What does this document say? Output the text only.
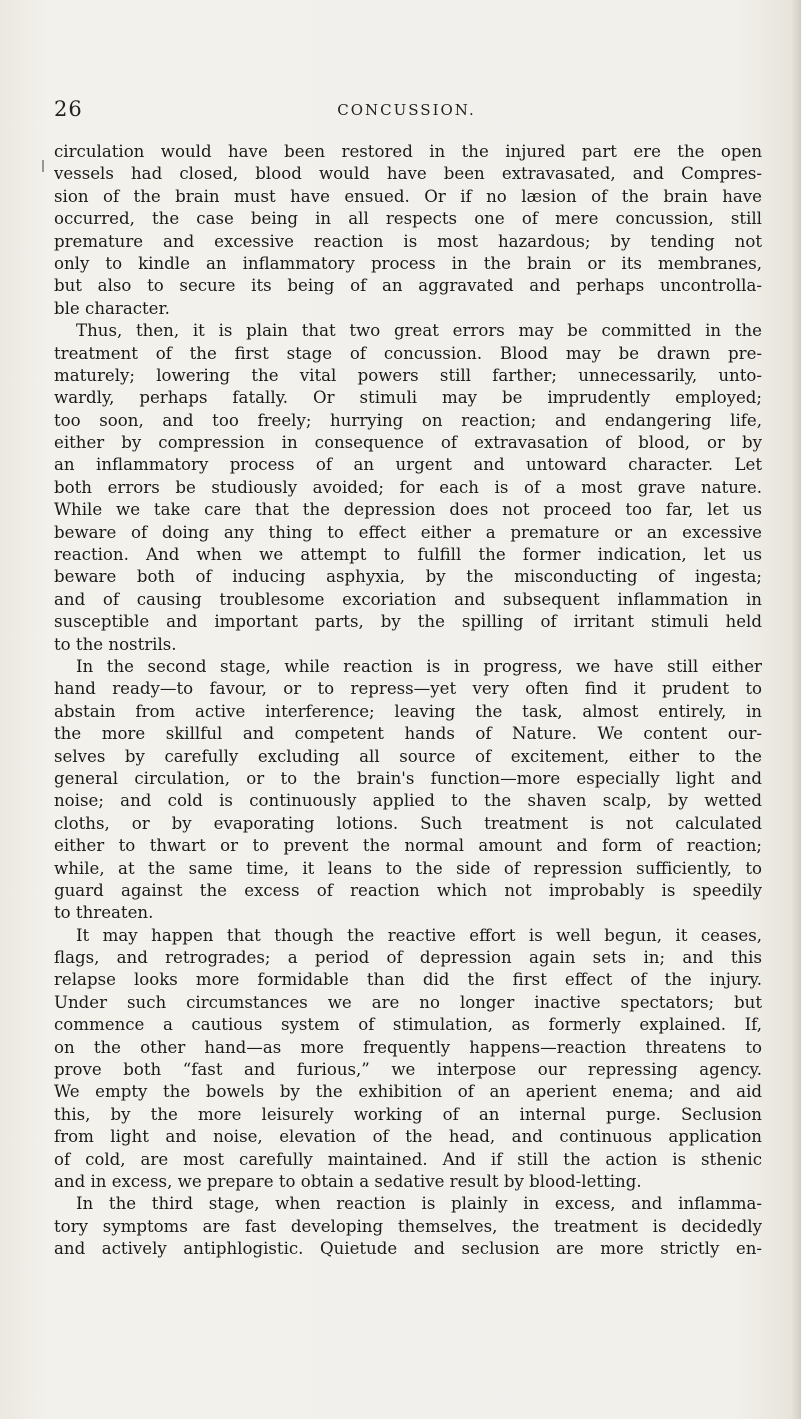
26	CONCUSSION.
circulation would have been restored in the injured part ere the open
vessels had closed, blood would have been extravasated, and Compres-
sion of the brain must have ensued. Or if no læsion of the brain have
occurred, the case being in all respects one of mere concussion, still
premature and excessive reaction is most hazardous; by tending not
only to kindle an inflammatory process in the brain or its membranes,
but also to secure its being of an aggravated and perhaps uncontrolla-
ble character.
Thus, then, it is plain that two great errors may be committed in the
treatment of the first stage of concussion. Blood may be drawn pre-
maturely; lowering the vital powers still farther; unnecessarily, unto-
wardly, perhaps fatally. Or stimuli may be imprudently employed;
too soon, and too freely; hurrying on reaction; and endangering life,
either by compression in consequence of extravasation of blood, or by
an inflammatory process of an urgent and untoward character. Let
both errors be studiously avoided; for each is of a most grave nature.
While we take care that the depression does not proceed too far, let us
beware of doing any thing to effect either a premature or an excessive
reaction. And when we attempt to fulfill the former indication, let us
beware both of inducing asphyxia, by the misconducting of ingesta;
and of causing troublesome excoriation and subsequent inflammation in
susceptible and important parts, by the spilling of irritant stimuli held
to the nostrils.
In the second stage, while reaction is in progress, we have still either
hand ready—to favour, or to repress—yet very often find it prudent to
abstain from active interference; leaving the task, almost entirely, in
the more skillful and competent hands of Nature. We content our-
selves by carefully excluding all source of excitement, either to the
general circulation, or to the brain's function—more especially light and
noise; and cold is continuously applied to the shaven scalp, by wetted
cloths, or by evaporating lotions. Such treatment is not calculated
either to thwart or to prevent the normal amount and form of reaction;
while, at the same time, it leans to the side of repression sufficiently, to
guard against the excess of reaction which not improbably is speedily
to threaten.
It may happen that though the reactive effort is well begun, it ceases,
flags, and retrogrades; a period of depression again sets in; and this
relapse looks more formidable than did the first effect of the injury.
Under such circumstances we are no longer inactive spectators; but
commence a cautious system of stimulation, as formerly explained. If,
on the other hand—as more frequently happens—reaction threatens to
prove both “fast and furious,” we interpose our repressing agency.
We empty the bowels by the exhibition of an aperient enema; and aid
this, by the more leisurely working of an internal purge. Seclusion
from light and noise, elevation of the head, and continuous application
of cold, are most carefully maintained. And if still the action is sthenic
and in excess, we prepare to obtain a sedative result by blood-letting.
In the third stage, when reaction is plainly in excess, and inflamma-
tory symptoms are fast developing themselves, the treatment is decidedly
and actively antiphlogistic. Quietude and seclusion are more strictly en-
